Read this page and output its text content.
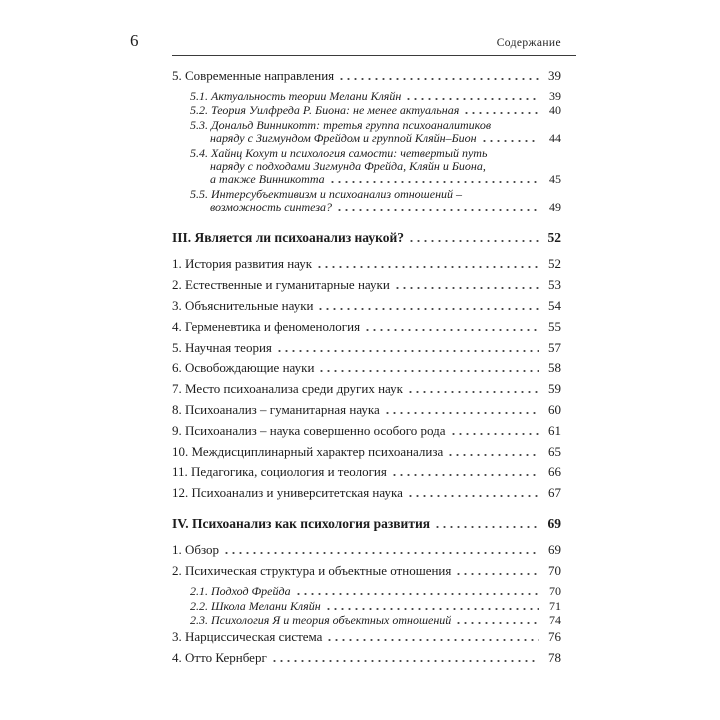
6	Содержание
5. Современные направления	39
5.1. Актуальность теории Мелани Кляйн	39
5.2. Теория Уилфреда Р. Биона: не менее актуальная	40
5.3. Дональд Винникотт: третья группа психоаналитиков
наряду с Зигмундом Фрейдом и группой Кляйн–Бион	44
5.4. Хайнц Кохут и психология самости: четвертый путь
наряду с подходами Зигмунда Фрейда, Кляйн и Биона,
а также Винникотта	45
5.5. Интерсубъективизм и психоанализ отношений –
возможность синтеза?	49
III. Является ли психоанализ наукой?	52
1. История развития наук	52
2. Естественные и гуманитарные науки	53
3. Объяснительные науки	54
4. Герменевтика и феноменология	55
5. Научная теория	57
6. Освобождающие науки	58
7. Место психоанализа среди других наук	59
8. Психоанализ – гуманитарная наука	60
9. Психоанализ – наука совершенно особого рода	61
10. Междисциплинарный характер психоанализа	65
11. Педагогика, социология и теология	66
12. Психоанализ и университетская наука	67
IV. Психоанализ как психология развития	69
1. Обзор	69
2. Психическая структура и объектные отношения	70
2.1. Подход Фрейда	70
2.2. Школа Мелани Кляйн	71
2.3. Психология Я и теория объектных отношений	74
3. Нарциссическая система	76
4. Отто Кернберг	78
